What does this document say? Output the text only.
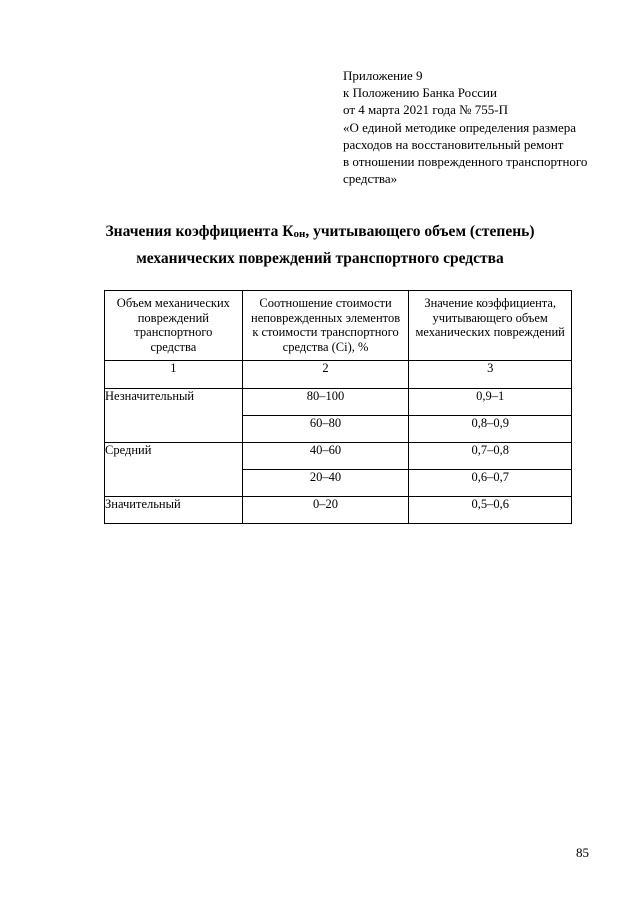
Приложение 9
к Положению Банка России
от 4 марта 2021 года № 755-П
«О единой методике определения размера
расходов на восстановительный ремонт
в отношении поврежденного транспортного
средства»
Значения коэффициента Кон, учитывающего объем (степень)
механических повреждений транспортного средства
Объем механических повреждений транспортного средства	Соотношение стоимости неповрежденных элементов к стоимости транспортного средства (Ci), %	Значение коэффициента, учитывающего объем механических повреждений

1	2	3
Незначительный	80–100	0,9–1
	60–80	0,8–0,9
Средний	40–60	0,7–0,8
	20–40	0,6–0,7
Значительный	0–20	0,5–0,6
85
